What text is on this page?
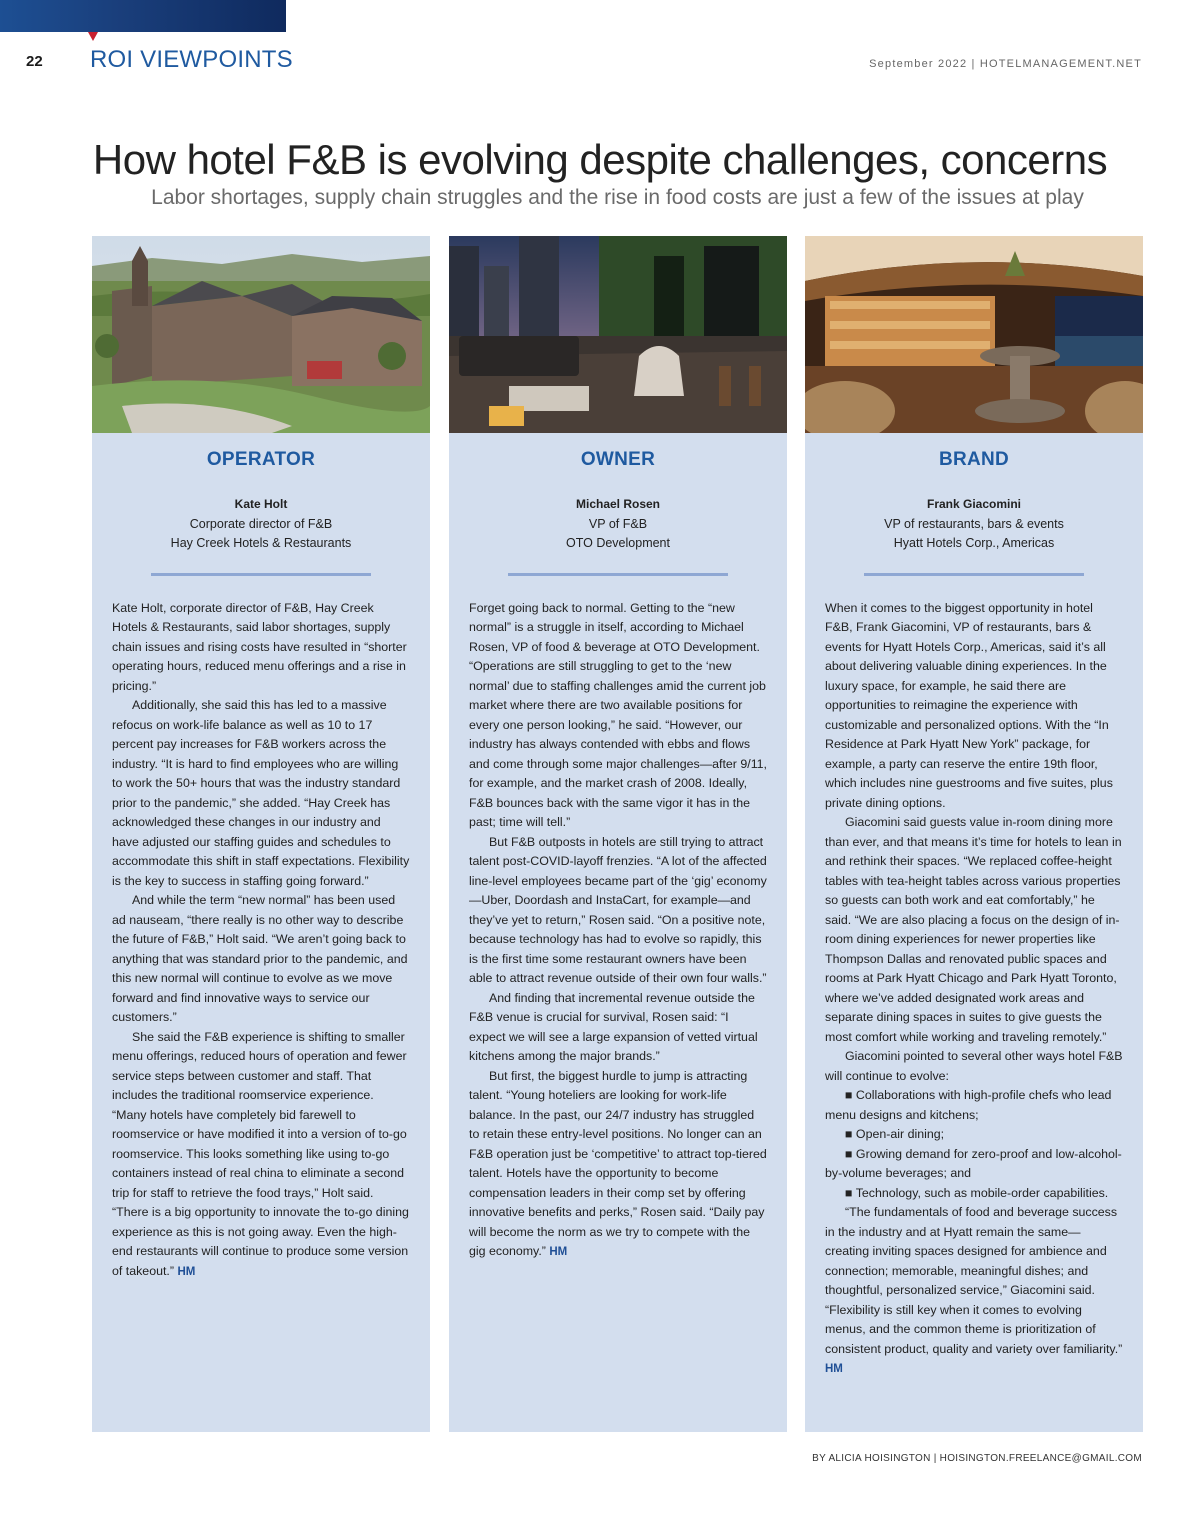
22 ROI VIEWPOINTS	September 2022 | HOTELMANAGEMENT.NET
How hotel F&B is evolving despite challenges, concerns
Labor shortages, supply chain struggles and the rise in food costs are just a few of the issues at play
OPERATOR
Kate Holt
Corporate director of F&B
Hay Creek Hotels & Restaurants

Kate Holt, corporate director of F&B, Hay Creek Hotels & Restaurants, said labor shortages, supply chain issues and rising costs have resulted in “shorter operating hours, reduced menu offerings and a rise in pricing.”

Additionally, she said this has led to a massive refocus on work-life balance as well as 10 to 17 percent pay increases for F&B workers across the industry. “It is hard to find employees who are willing to work the 50+ hours that was the industry standard prior to the pandemic,” she added. “Hay Creek has acknowledged these changes in our industry and have adjusted our staffing guides and schedules to accommodate this shift in staff expectations. Flexibility is the key to success in staffing going forward.”

And while the term “new normal” has been used ad nauseam, “there really is no other way to describe the future of F&B,” Holt said. “We aren’t going back to anything that was standard prior to the pandemic, and this new normal will continue to evolve as we move forward and find innovative ways to service our customers.”

She said the F&B experience is shifting to smaller menu offerings, reduced hours of operation and fewer service steps between customer and staff. That includes the traditional roomservice experience. “Many hotels have completely bid farewell to roomservice or have modified it into a version of to-go roomservice. This looks something like using to-go containers instead of real china to eliminate a second trip for staff to retrieve the food trays,” Holt said. “There is a big opportunity to innovate the to-go dining experience as this is not going away. Even the high-end restaurants will continue to produce some version of takeout.” HM

OWNER
Michael Rosen
VP of F&B
OTO Development

Forget going back to normal. Getting to the “new normal” is a struggle in itself, according to Michael Rosen, VP of food & beverage at OTO Development. “Operations are still struggling to get to the ‘new normal’ due to staffing challenges amid the current job market where there are two available positions for every one person looking,” he said. “However, our industry has always contended with ebbs and flows and come through some major challenges—after 9/11, for example, and the market crash of 2008. Ideally, F&B bounces back with the same vigor it has in the past; time will tell.”

But F&B outposts in hotels are still trying to attract talent post-COVID-layoff frenzies. “A lot of the affected line-level employees became part of the ‘gig’ economy—Uber, Doordash and InstaCart, for example—and they’ve yet to return,” Rosen said. “On a positive note, because technology has had to evolve so rapidly, this is the first time some restaurant owners have been able to attract revenue outside of their own four walls.”

And finding that incremental revenue outside the F&B venue is crucial for survival, Rosen said: “I expect we will see a large expansion of vetted virtual kitchens among the major brands.”

But first, the biggest hurdle to jump is attracting talent. “Young hoteliers are looking for work-life balance. In the past, our 24/7 industry has struggled to retain these entry-level positions. No longer can an F&B operation just be ‘competitive’ to attract top-tiered talent. Hotels have the opportunity to become compensation leaders in their comp set by offering innovative benefits and perks,” Rosen said. “Daily pay will become the norm as we try to compete with the gig economy.” HM

BRAND
Frank Giacomini
VP of restaurants, bars & events
Hyatt Hotels Corp., Americas

When it comes to the biggest opportunity in hotel F&B, Frank Giacomini, VP of restaurants, bars & events for Hyatt Hotels Corp., Americas, said it’s all about delivering valuable dining experiences. In the luxury space, for example, he said there are opportunities to reimagine the experience with customizable and personalized options. With the “In Residence at Park Hyatt New York” package, for example, a party can reserve the entire 19th floor, which includes nine guestrooms and five suites, plus private dining options.

Giacomini said guests value in-room dining more than ever, and that means it’s time for hotels to lean in and rethink their spaces. “We replaced coffee-height tables with tea-height tables across various properties so guests can both work and eat comfortably,” he said. “We are also placing a focus on the design of in-room dining experiences for newer properties like Thompson Dallas and renovated public spaces and rooms at Park Hyatt Chicago and Park Hyatt Toronto, where we’ve added designated work areas and separate dining spaces in suites to give guests the most comfort while working and traveling remotely.”

Giacomini pointed to several other ways hotel F&B will continue to evolve:

■ Collaborations with high-profile chefs who lead menu designs and kitchens;

■ Open-air dining;

■ Growing demand for zero-proof and low-alcohol-by-volume beverages; and

■ Technology, such as mobile-order capabilities.

“The fundamentals of food and beverage success in the industry and at Hyatt remain the same—creating inviting spaces designed for ambience and connection; memorable, meaningful dishes; and thoughtful, personalized service,” Giacomini said. “Flexibility is still key when it comes to evolving menus, and the common theme is prioritization of consistent product, quality and variety over familiarity.” HM

BY ALICIA HOISINGTON | HOISINGTON.FREELANCE@GMAIL.COM
